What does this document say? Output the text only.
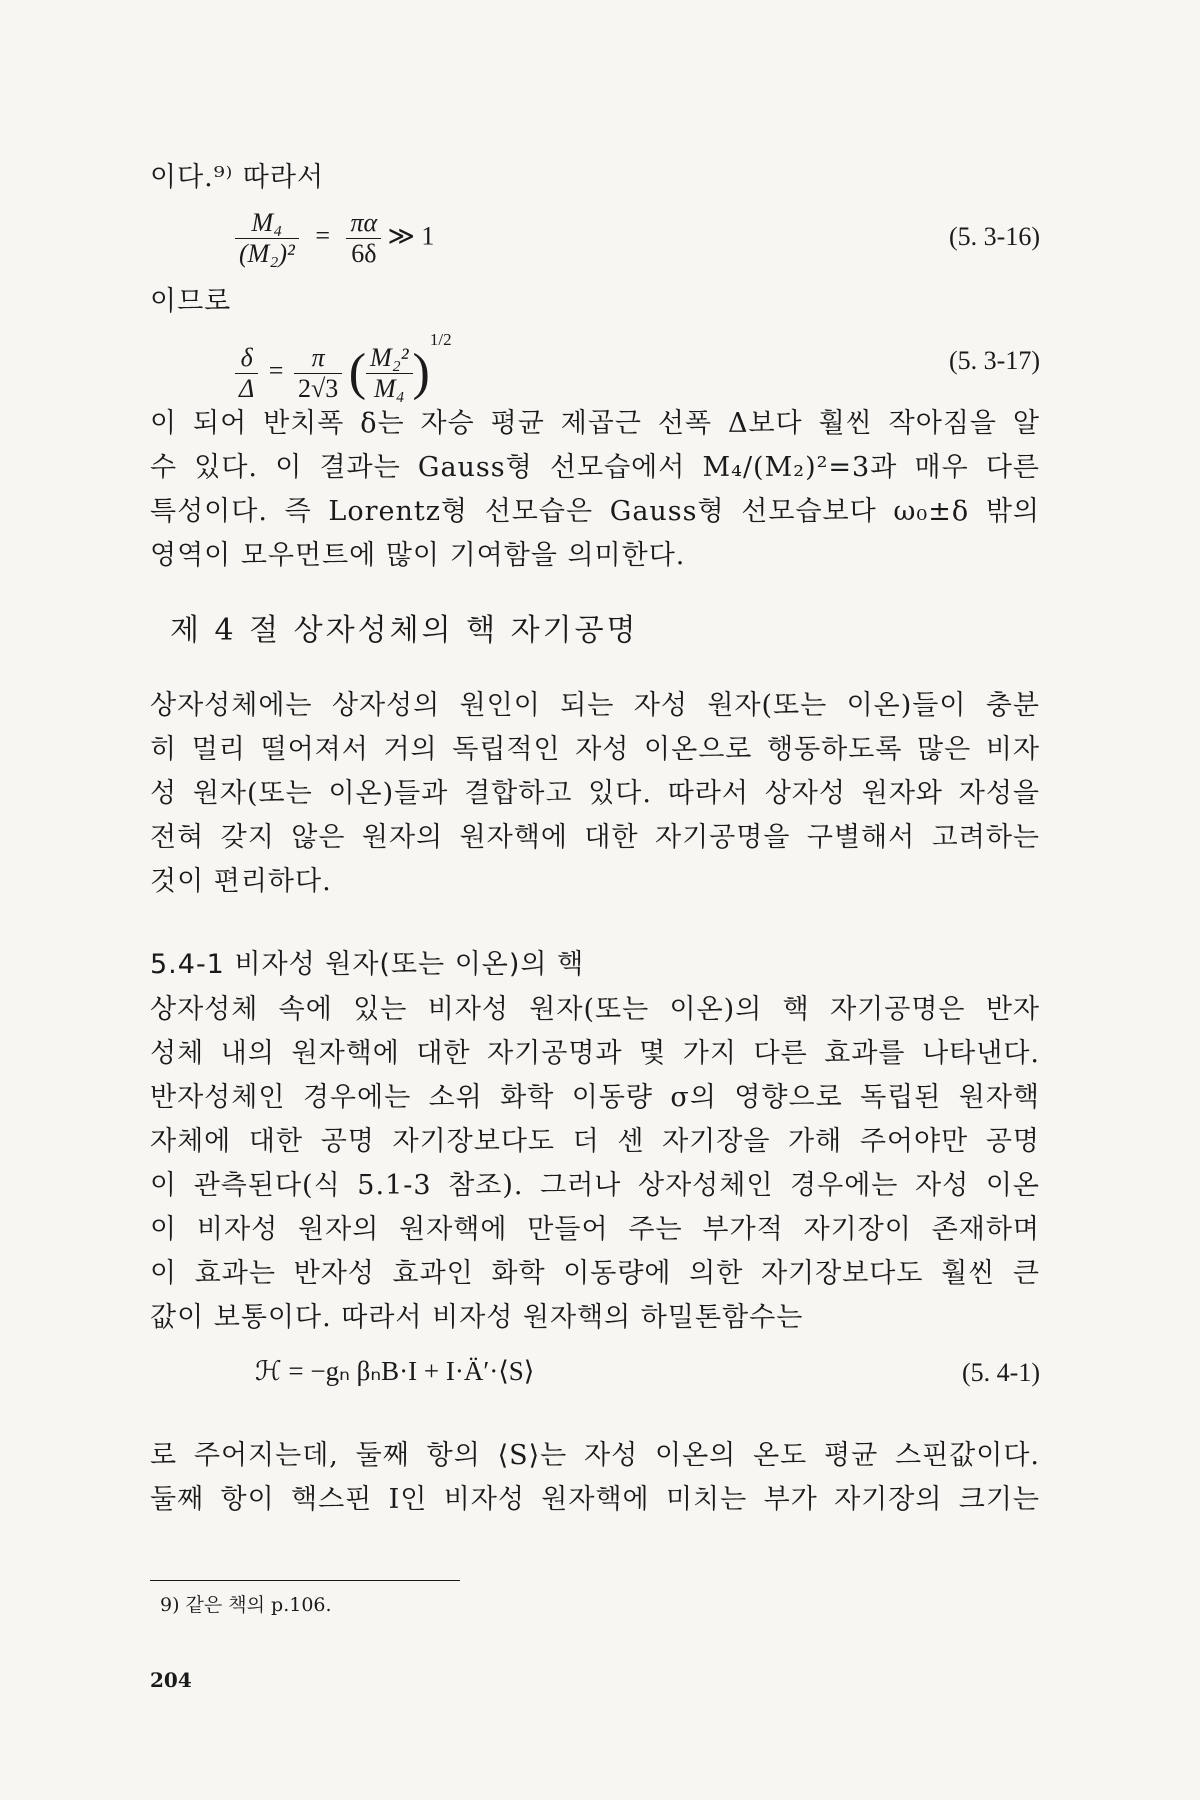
이다.⁹⁾ 따라서
$\frac{\text{M₄}}{\text{(M₂)²}} = \frac{\pi\alpha}{6\delta}$ ≫ 1	(5. 3-16)
이므로
$\frac{\delta}{\Delta} = \frac{\pi}{2√3}$ ( $\frac{\text{M₂²}}{\text{M₄}} )^{1/2}$
(5. 3-17)
이 되어 반치폭 δ는 자승 평균 제곱근 선폭 Δ보다 훨씬 작아짐을 알
수 있다. 이 결과는 Gauss형 선모습에서 M₄/(M₂)²=3과 매우 다른
특성이다. 즉 Lorentz형 선모습은 Gauss형 선모습보다 ω₀±δ 밖의
영역이 모우먼트에 많이 기여함을 의미한다.
제 4 절 상자성체의 핵 자기공명
상자성체에는 상자성의 원인이 되는 자성 원자(또는 이온)들이 충분
히 멀리 떨어져서 거의 독립적인 자성 이온으로 행동하도록 많은 비자
성 원자(또는 이온)들과 결합하고 있다. 따라서 상자성 원자와 자성을
전혀 갖지 않은 원자의 원자핵에 대한 자기공명을 구별해서 고려하는
것이 편리하다.
5.4-1 비자성 원자(또는 이온)의 핵
상자성체 속에 있는 비자성 원자(또는 이온)의 핵 자기공명은 반자
성체 내의 원자핵에 대한 자기공명과 몇 가지 다른 효과를 나타낸다.
반자성체인 경우에는 소위 화학 이동량 σ의 영향으로 독립된 원자핵
자체에 대한 공명 자기장보다도 더 센 자기장을 가해 주어야만 공명
이 관측된다(식 5.1-3 참조). 그러나 상자성체인 경우에는 자성 이온
이 비자성 원자의 원자핵에 만들어 주는 부가적 자기장이 존재하며
이 효과는 반자성 효과인 화학 이동량에 의한 자기장보다도 훨씬 큰
값이 보통이다. 따라서 비자성 원자핵의 하밀톤함수는
ℋ = −gₙ βₙB·I + I·Ä′·⟨S⟩	(5. 4-1)
로 주어지는데, 둘째 항의 ⟨S⟩는 자성 이온의 온도 평균 스핀값이다.
둘째 항이 핵스핀 I인 비자성 원자핵에 미치는 부가 자기장의 크기는
9) 같은 책의 p.106.
204
